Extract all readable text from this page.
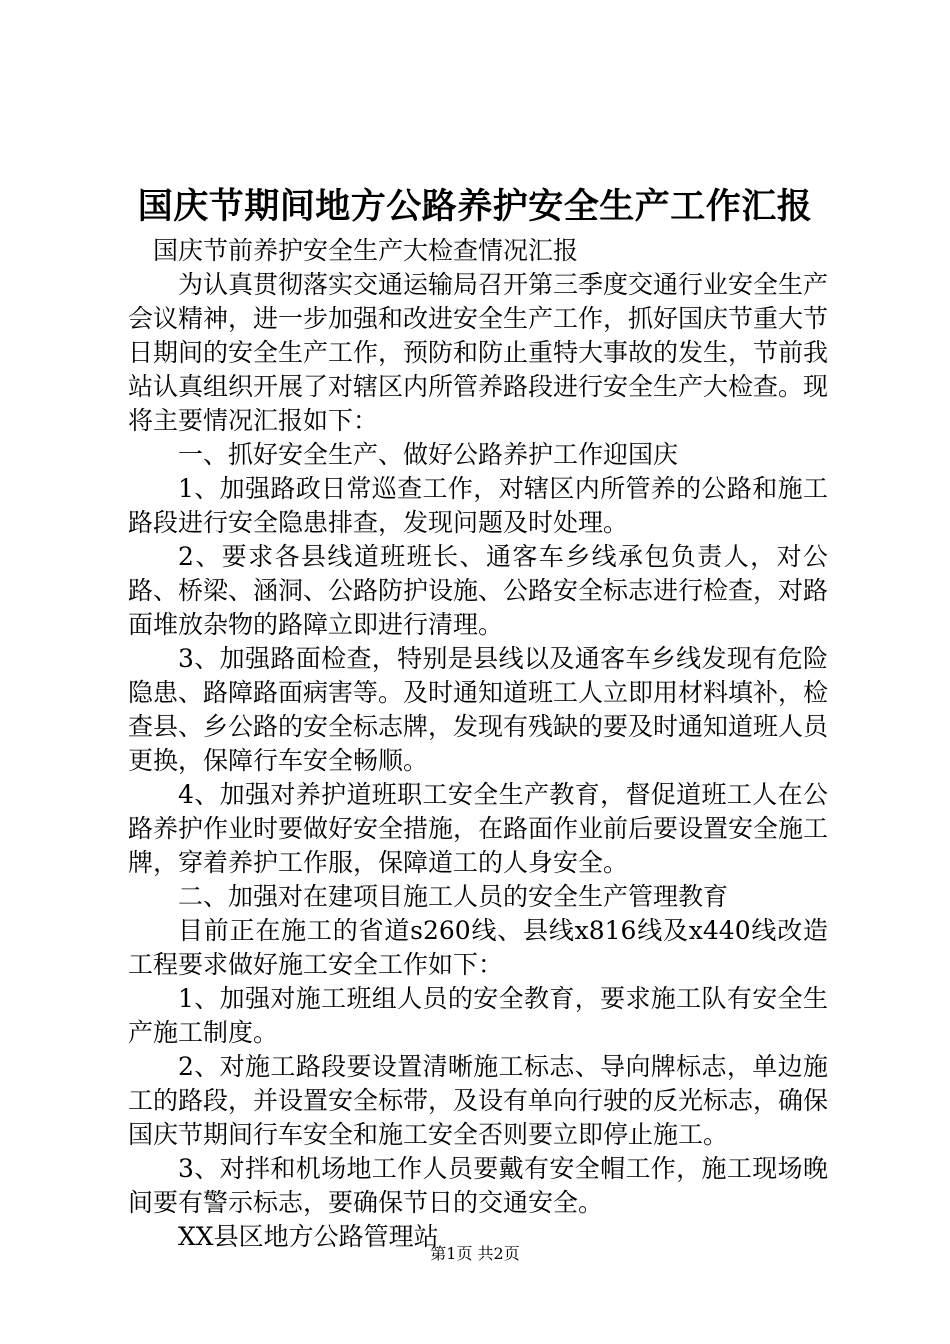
国庆节期间地方公路养护安全生产工作汇报

国庆节前养护安全生产大检查情况汇报

为认真贯彻落实交通运输局召开第三季度交通行业安全生产会议精神，进一步加强和改进安全生产工作，抓好国庆节重大节日期间的安全生产工作，预防和防止重特大事故的发生，节前我站认真组织开展了对辖区内所管养路段进行安全生产大检查。现将主要情况汇报如下：

一、抓好安全生产、做好公路养护工作迎国庆

1、加强路政日常巡查工作，对辖区内所管养的公路和施工路段进行安全隐患排查，发现问题及时处理。

2、要求各县线道班班长、通客车乡线承包负责人，对公路、桥梁、涵洞、公路防护设施、公路安全标志进行检查，对路面堆放杂物的路障立即进行清理。

3、加强路面检查，特别是县线以及通客车乡线发现有危险隐患、路障路面病害等。及时通知道班工人立即用材料填补，检查县、乡公路的安全标志牌，发现有残缺的要及时通知道班人员更换，保障行车安全畅顺。

4、加强对养护道班职工安全生产教育，督促道班工人在公路养护作业时要做好安全措施，在路面作业前后要设置安全施工牌，穿着养护工作服，保障道工的人身安全。

二、加强对在建项目施工人员的安全生产管理教育

目前正在施工的省道s260线、县线x816线及x440线改造工程要求做好施工安全工作如下：

1、加强对施工班组人员的安全教育，要求施工队有安全生产施工制度。

2、对施工路段要设置清晰施工标志、导向牌标志，单边施工的路段，并设置安全标带，及设有单向行驶的反光标志，确保国庆节期间行车安全和施工安全否则要立即停止施工。

3、对拌和机场地工作人员要戴有安全帽工作，施工现场晚间要有警示标志，要确保节日的交通安全。

XX县区地方公路管理站

第1页 共2页
